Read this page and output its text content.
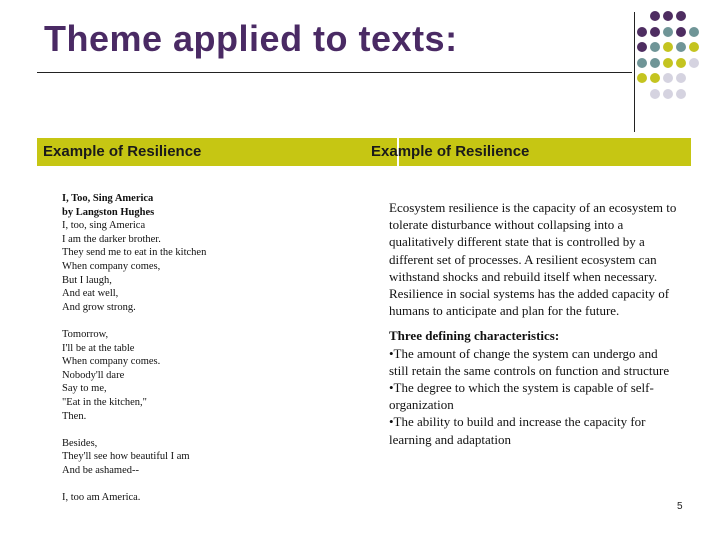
Theme applied to texts:
Example of Resilience	Example of Resilience
I, Too, Sing America
by Langston Hughes
I, too, sing America
I am the darker brother.
They send me to eat in the kitchen
When company comes,
But I laugh,
And eat well,
And grow strong.
Tomorrow,
I'll be at the table
When company comes.
Nobody'll dare
Say to me,
"Eat in the kitchen,"
Then.
Besides,
They'll see how beautiful I am
And be ashamed--
I, too am America.

Ecosystem resilience is the capacity of an ecosystem to tolerate disturbance without collapsing into a qualitatively different state that is controlled by a different set of processes. A resilient ecosystem can withstand shocks and rebuild itself when necessary. Resilience in social systems has the added capacity of humans to anticipate and plan for the future.

Three defining characteristics:

•The amount of change the system can undergo and still retain the same controls on function and structure

•The degree to which the system is capable of self-organization

•The ability to build and increase the capacity for learning and adaptation

5
